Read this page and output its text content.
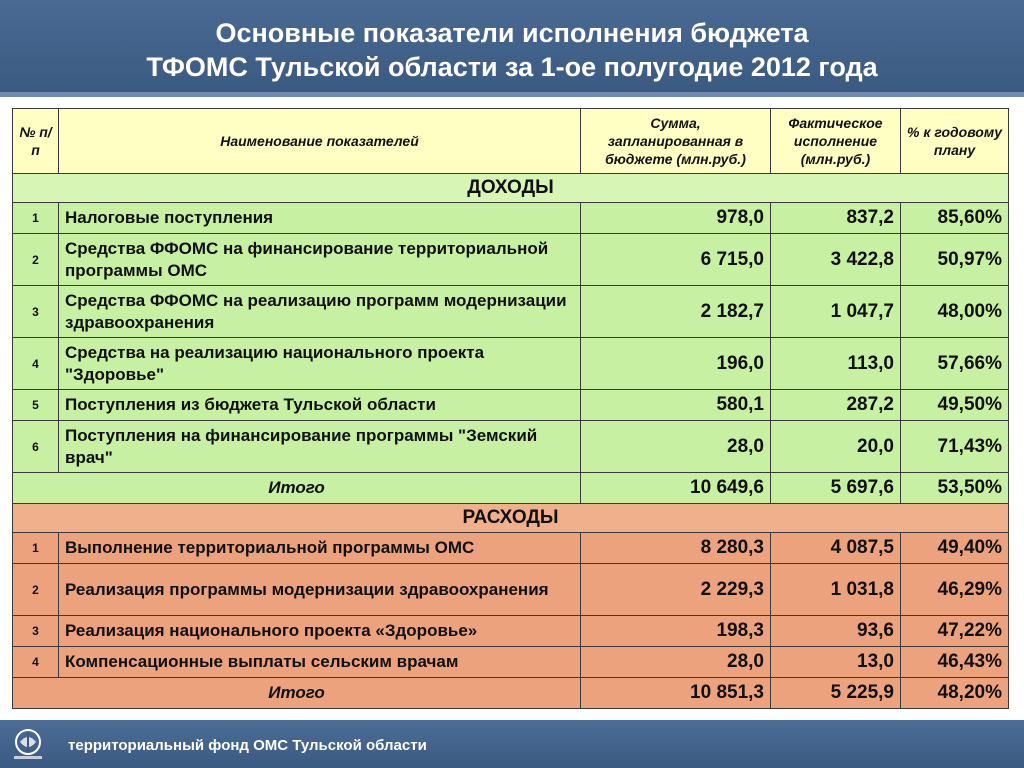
Основные показатели исполнения бюджета
ТФОМС Тульской области за 1-ое полугодие 2012 года
№ п/п	Наименование показателей	Сумма, запланированная в бюджете (млн.руб.)	Фактическое исполнение (млн.руб.)	% к годовому плану
ДОХОДЫ				
1	Налоговые поступления	978,0	837,2	85,60%
2	Средства ФФОМС на финансирование территориальной программы ОМС	6 715,0	3 422,8	50,97%
3	Средства ФФОМС на реализацию программ модернизации здравоохранения	2 182,7	1 047,7	48,00%
4	Средства на реализацию национального проекта "Здоровье"	196,0	113,0	57,66%
5	Поступления из бюджета Тульской области	580,1	287,2	49,50%
6	Поступления на финансирование программы "Земский врач"	28,0	20,0	71,43%
Итого		10 649,6	5 697,6	53,50%
РАСХОДЫ				
1	Выполнение территориальной программы ОМС	8 280,3	4 087,5	49,40%
2	Реализация программы модернизации здравоохранения	2 229,3	1 031,8	46,29%
3	Реализация национального проекта «Здоровье»	198,3	93,6	47,22%
4	Компенсационные выплаты сельским врачам	28,0	13,0	46,43%
Итого		10 851,3	5 225,9	48,20%
территориальный фонд ОМС Тульской области
